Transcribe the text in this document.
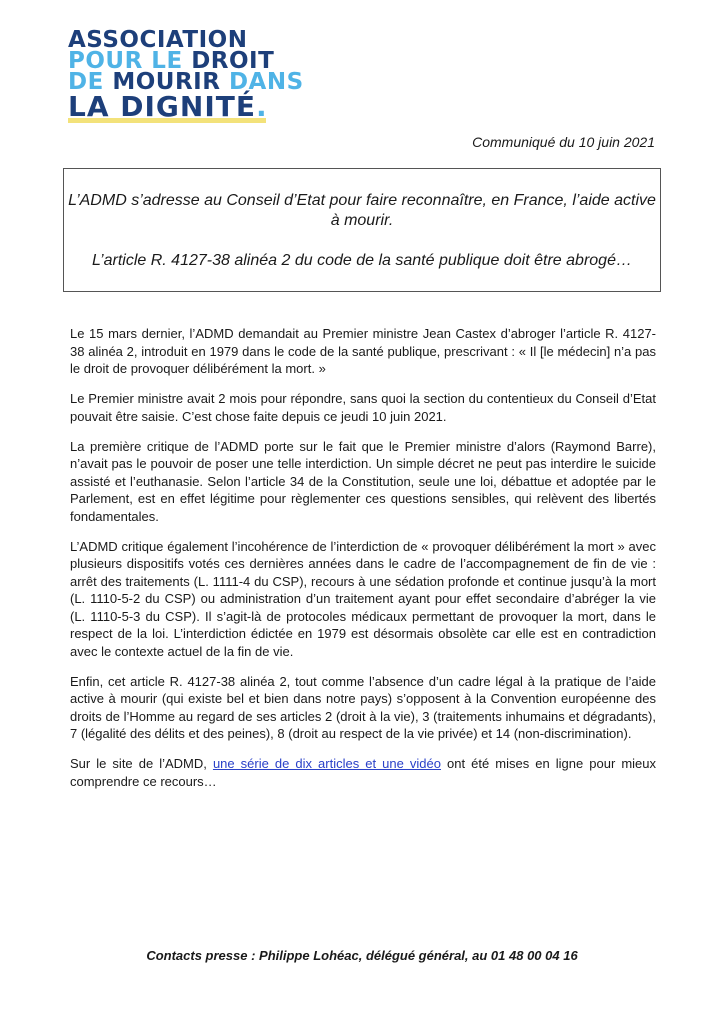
ASSOCIATION
POUR LE DROIT
DE MOURIR DANS
LA DIGNITÉ.
Communiqué du 10 juin 2021

L’ADMD s’adresse au Conseil d’Etat pour faire reconnaître, en France, l’aide active à mourir.

L’article R. 4127-38 alinéa 2 du code de la santé publique doit être abrogé…

Le 15 mars dernier, l’ADMD demandait au Premier ministre Jean Castex d’abroger l’article R. 4127-38 alinéa 2, introduit en 1979 dans le code de la santé publique, prescrivant : « Il [le médecin] n’a pas le droit de provoquer délibérément la mort. »

Le Premier ministre avait 2 mois pour répondre, sans quoi la section du contentieux du Conseil d’Etat pouvait être saisie. C’est chose faite depuis ce jeudi 10 juin 2021.

La première critique de l’ADMD porte sur le fait que le Premier ministre d’alors (Raymond Barre), n’avait pas le pouvoir de poser une telle interdiction. Un simple décret ne peut pas interdire le suicide assisté et l’euthanasie. Selon l’article 34 de la Constitution, seule une loi, débattue et adoptée par le Parlement, est en effet légitime pour règlementer ces questions sensibles, qui relèvent des libertés fondamentales.

L’ADMD critique également l’incohérence de l’interdiction de « provoquer délibérément la mort » avec plusieurs dispositifs votés ces dernières années dans le cadre de l’accompagnement de fin de vie : arrêt des traitements (L. 1111-4 du CSP), recours à une sédation profonde et continue jusqu’à la mort (L. 1110-5-2 du CSP) ou administration d’un traitement ayant pour effet secondaire d’abréger la vie (L. 1110-5-3 du CSP). Il s’agit-là de protocoles médicaux permettant de provoquer la mort, dans le respect de la loi. L’interdiction édictée en 1979 est désormais obsolète car elle est en contradiction avec le contexte actuel de la fin de vie.

Enfin, cet article R. 4127-38 alinéa 2, tout comme l’absence d’un cadre légal à la pratique de l’aide active à mourir (qui existe bel et bien dans notre pays) s’opposent à la Convention européenne des droits de l’Homme au regard de ses articles 2 (droit à la vie), 3 (traitements inhumains et dégradants), 7 (légalité des délits et des peines), 8 (droit au respect de la vie privée) et 14 (non-discrimination).

Sur le site de l’ADMD, une série de dix articles et une vidéo ont été mises en ligne pour mieux comprendre ce recours…

Contacts presse : Philippe Lohéac, délégué général, au 01 48 00 04 16
